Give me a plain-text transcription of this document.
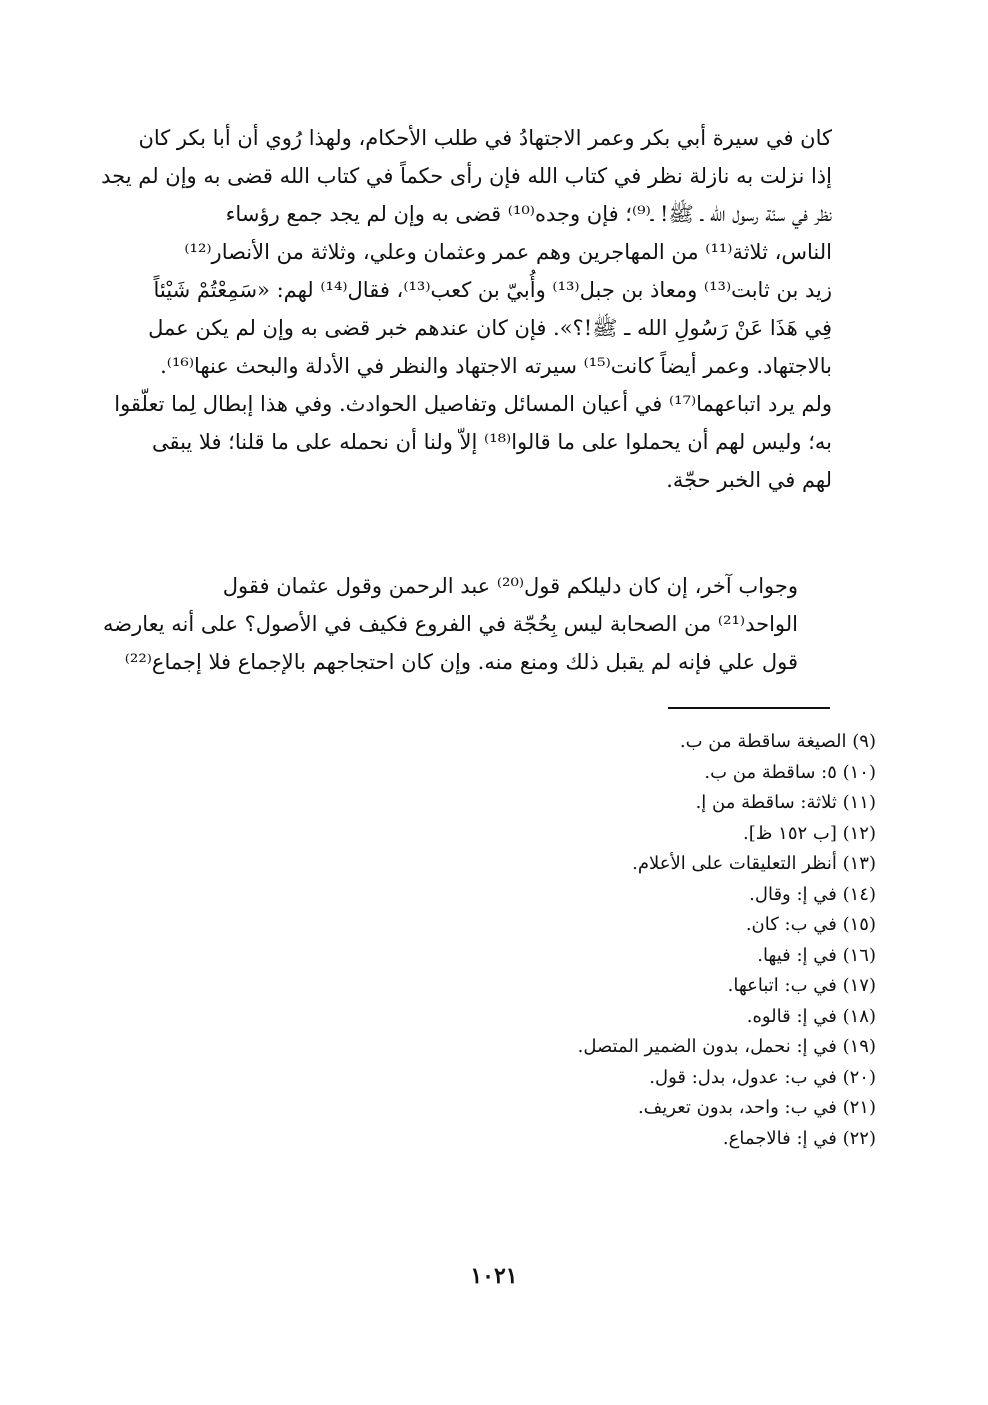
كان في سيرة أبي بكر وعمر الاجتهادُ في طلب الأحكام، ولهذا رُوي أن أبا بكر كان
إذا نزلت به نازلة نظر في كتاب الله فإن رأى حكماً في كتاب الله قضى به وإن لم يجد
نظر في سنّة رسول الله ـ ﷺ! ـ⁽⁹⁾؛ فإن وجده⁽¹⁰⁾ قضى به وإن لم يجد جمع رؤساء
الناس، ثلاثة⁽¹¹⁾ من المهاجرين وهم عمر وعثمان وعلي، وثلاثة من الأنصار⁽¹²⁾
زيد بن ثابت⁽¹³⁾ ومعاذ بن جبل⁽¹³⁾ وأُبيّ بن كعب⁽¹³⁾، فقال⁽¹⁴⁾ لهم: «سَمِعْتُمْ شَيْئاً
فِي هَذَا عَنْ رَسُولِ الله ـ ﷺ!؟». فإن كان عندهم خبر قضى به وإن لم يكن عمل
بالاجتهاد. وعمر أيضاً كانت⁽¹⁵⁾ سيرته الاجتهاد والنظر في الأدلة والبحث عنها⁽¹⁶⁾.
ولم يرد اتباعهما⁽¹⁷⁾ في أعيان المسائل وتفاصيل الحوادث. وفي هذا إبطال لِما تعلّقوا
به؛ وليس لهم أن يحملوا على ما قالوا⁽¹⁸⁾ إلاّ ولنا أن نحمله على ما قلنا؛ فلا يبقى
لهم في الخبر حجّة.

وجواب آخر، إن كان دليلكم قول⁽²⁰⁾ عبد الرحمن وقول عثمان فقول
الواحد⁽²¹⁾ من الصحابة ليس بِحُجّة في الفروع فكيف في الأصول؟ على أنه يعارضه
قول علي فإنه لم يقبل ذلك ومنع منه. وإن كان احتجاجهم بالإجماع فلا إجماع⁽²²⁾

(٩) الصيغة ساقطة من ب.
(١٠) ٥: ساقطة من ب.
(١١) ثلاثة: ساقطة من إ.
(١٢) [ب ١٥٢ ظ].
(١٣) أنظر التعليقات على الأعلام.
(١٤) في إ: وقال.
(١٥) في ب: كان.
(١٦) في إ: فيها.
(١٧) في ب: اتباعها.
(١٨) في إ: قالوه.
(١٩) في إ: نحمل، بدون الضمير المتصل.
(٢٠) في ب: عدول، بدل: قول.
(٢١) في ب: واحد، بدون تعريف.
(٢٢) في إ: فالاجماع.
١٠٢١
